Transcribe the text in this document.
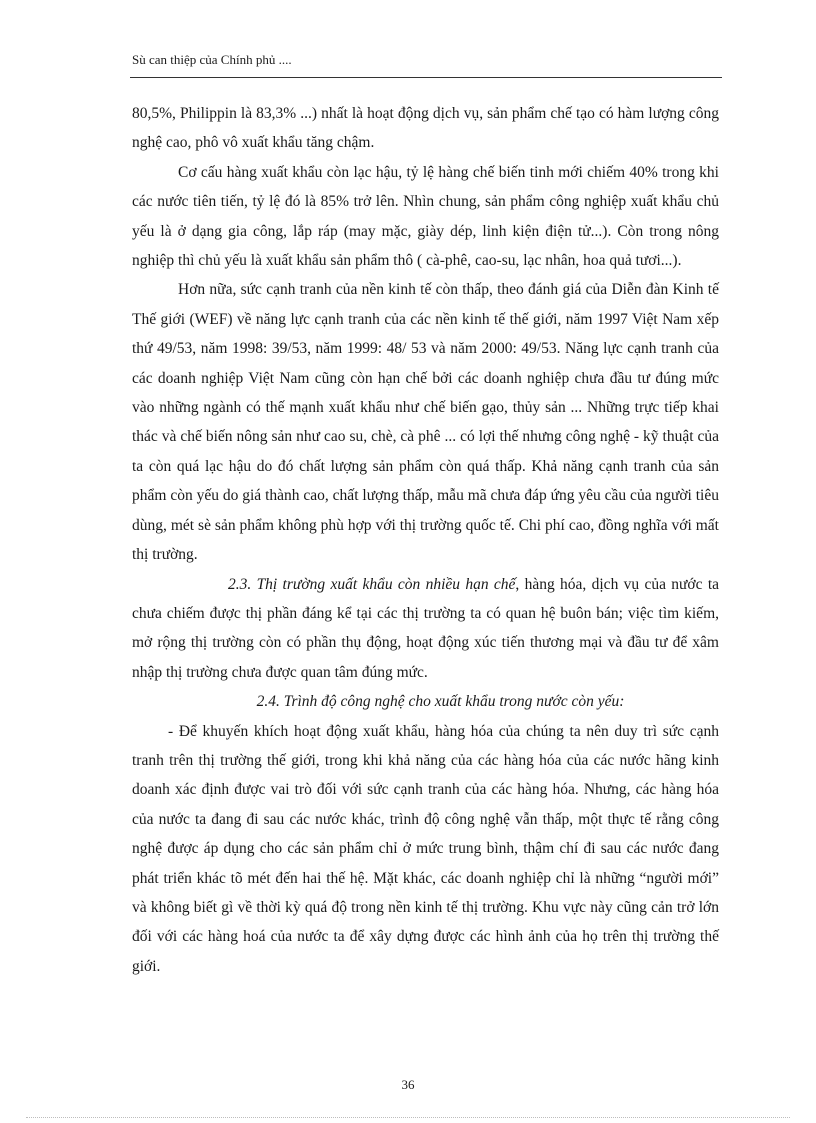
Sù can thiệp của Chính phủ ....

80,5%, Philippin là 83,3% ...) nhất là hoạt động dịch vụ, sản phẩm chế tạo có hàm lượng công nghệ cao, phô vô xuất khẩu tăng chậm.

Cơ cấu hàng xuất khẩu còn lạc hậu, tỷ lệ hàng chế biến tinh mới chiếm 40% trong khi các nước tiên tiến, tỷ lệ đó là 85% trở lên. Nhìn chung, sản phẩm công nghiệp xuất khẩu chủ yếu là ở dạng gia công, lắp ráp (may mặc, giày dép, linh kiện điện tử...). Còn trong nông nghiệp thì chủ yếu là xuất khẩu sản phẩm thô ( cà-phê, cao-su, lạc nhân, hoa quả tươi...).

Hơn nữa, sức cạnh tranh của nền kinh tế còn thấp, theo đánh giá của Diễn đàn Kinh tế Thế giới (WEF) về năng lực cạnh tranh của các nền kinh tế thế giới, năm 1997 Việt Nam xếp thứ 49/53, năm 1998: 39/53, năm 1999: 48/ 53 và năm 2000: 49/53. Năng lực cạnh tranh của các doanh nghiệp Việt Nam cũng còn hạn chế bởi các doanh nghiệp chưa đầu tư đúng mức vào những ngành có thế mạnh xuất khẩu như chế biến gạo, thủy sản ... Những trực tiếp khai thác và chế biến nông sản như cao su, chè, cà phê ... có lợi thế nhưng công nghệ - kỹ thuật của ta còn quá lạc hậu do đó chất lượng sản phẩm còn quá thấp. Khả năng cạnh tranh của sản phẩm còn yếu do giá thành cao, chất lượng thấp, mẫu mã chưa đáp ứng yêu cầu của người tiêu dùng, mét sè sản phẩm không phù hợp với thị trường quốc tế. Chi phí cao, đồng nghĩa với mất thị trường.

2.3. Thị trường xuất khẩu còn nhiều hạn chế, hàng hóa, dịch vụ của nước ta chưa chiếm được thị phần đáng kể tại các thị trường ta có quan hệ buôn bán; việc tìm kiếm, mở rộng thị trường còn có phần thụ động, hoạt động xúc tiến thương mại và đầu tư để xâm nhập thị trường chưa được quan tâm đúng mức.

2.4. Trình độ công nghệ cho xuất khẩu trong nước còn yếu:

- Để khuyến khích hoạt động xuất khẩu, hàng hóa của chúng ta nên duy trì sức cạnh tranh trên thị trường thế giới, trong khi khả năng của các hàng hóa của các nước hãng kinh doanh xác định được vai trò đối với sức cạnh tranh của các hàng hóa. Nhưng, các hàng hóa của nước ta đang đi sau các nước khác, trình độ công nghệ vẫn thấp, một thực tế rằng công nghệ được áp dụng cho các sản phẩm chỉ ở mức trung bình, thậm chí đi sau các nước đang phát triển khác tõ mét đến hai thế hệ. Mặt khác, các doanh nghiệp chỉ là những “người mới” và không biết gì về thời kỳ quá độ trong nền kinh tế thị trường. Khu vực này cũng cản trở lớn đối với các hàng hoá của nước ta để xây dựng được các hình ảnh của họ trên thị trường thế giới.

36
